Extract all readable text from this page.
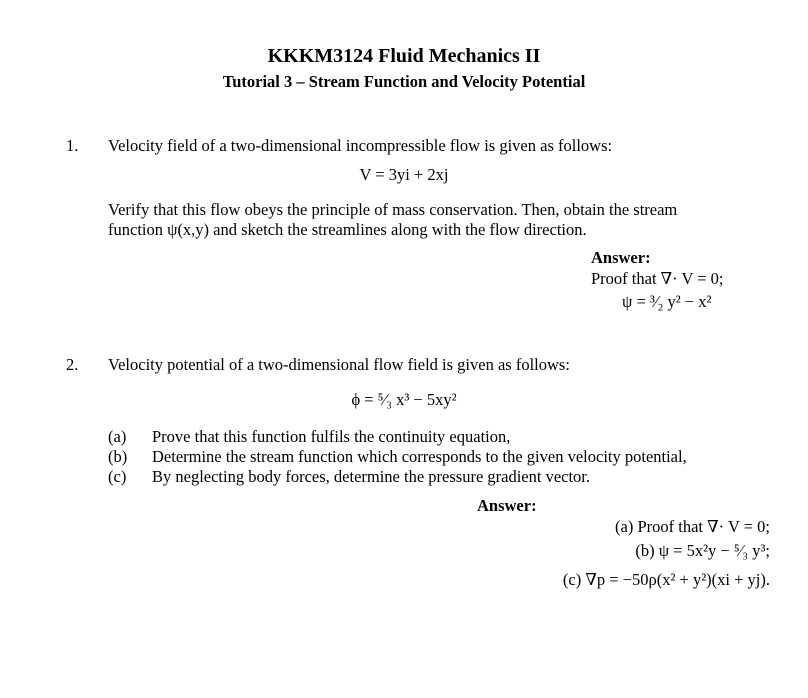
KKKM3124 Fluid Mechanics II
Tutorial 3 – Stream Function and Velocity Potential
1. Velocity field of a two-dimensional incompressible flow is given as follows:
V = 3yi + 2xj
Verify that this flow obeys the principle of mass conservation. Then, obtain the stream
function ψ(x,y) and sketch the streamlines along with the flow direction.
Answer:
Proof that ∇· V = 0;
ψ = ³⁄₂ y² − x²
2. Velocity potential of a two-dimensional flow field is given as follows:
ϕ = ⁵⁄₃ x³ − 5xy²
(a) Prove that this function fulfils the continuity equation,
(b) Determine the stream function which corresponds to the given velocity potential,
(c) By neglecting body forces, determine the pressure gradient vector.
Answer:
(a) Proof that ∇· V = 0;
(b) ψ = 5x²y − ⁵⁄₃ y³;
(c) ∇p = −50ρ(x² + y²)(xi + yj).
